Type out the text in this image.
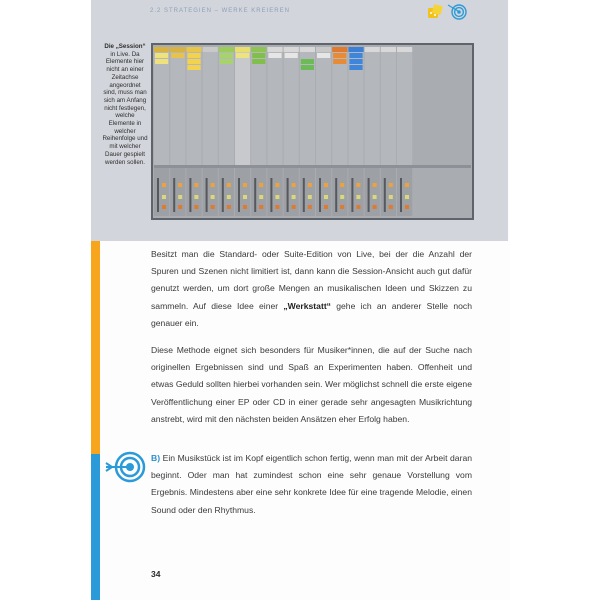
2.2 STRATEGIEN – WERKE KREIEREN
Die „Session“ in Live. Da Elemente hier nicht an einer Zeitachse angeordnet sind, muss man sich am Anfang nicht festlegen, welche Elemente in welcher Reihenfolge und mit welcher Dauer gespielt werden sollen.
Besitzt man die Standard- oder Suite-Edition von Live, bei der die Anzahl der Spuren und Szenen nicht limitiert ist, dann kann die Session-Ansicht auch gut dafür genutzt werden, um dort große Mengen an musikalischen Ideen und Skizzen zu sammeln. Auf diese Idee einer „Werkstatt“ gehe ich an anderer Stelle noch genauer ein.
Diese Methode eignet sich besonders für Musiker*innen, die auf der Suche nach originellen Ergebnissen sind und Spaß an Experimenten haben. Offenheit und etwas Geduld sollten hierbei vorhanden sein. Wer möglichst schnell die erste eigene Veröffentlichung einer EP oder CD in einer gerade sehr angesagten Musikrichtung anstrebt, wird mit den nächsten beiden Ansätzen eher Erfolg haben.
B) Ein Musikstück ist im Kopf eigentlich schon fertig, wenn man mit der Arbeit daran beginnt. Oder man hat zumindest schon eine sehr genaue Vorstellung vom Ergebnis. Mindestens aber eine sehr konkrete Idee für eine tragende Melodie, einen Sound oder den Rhythmus.
34
